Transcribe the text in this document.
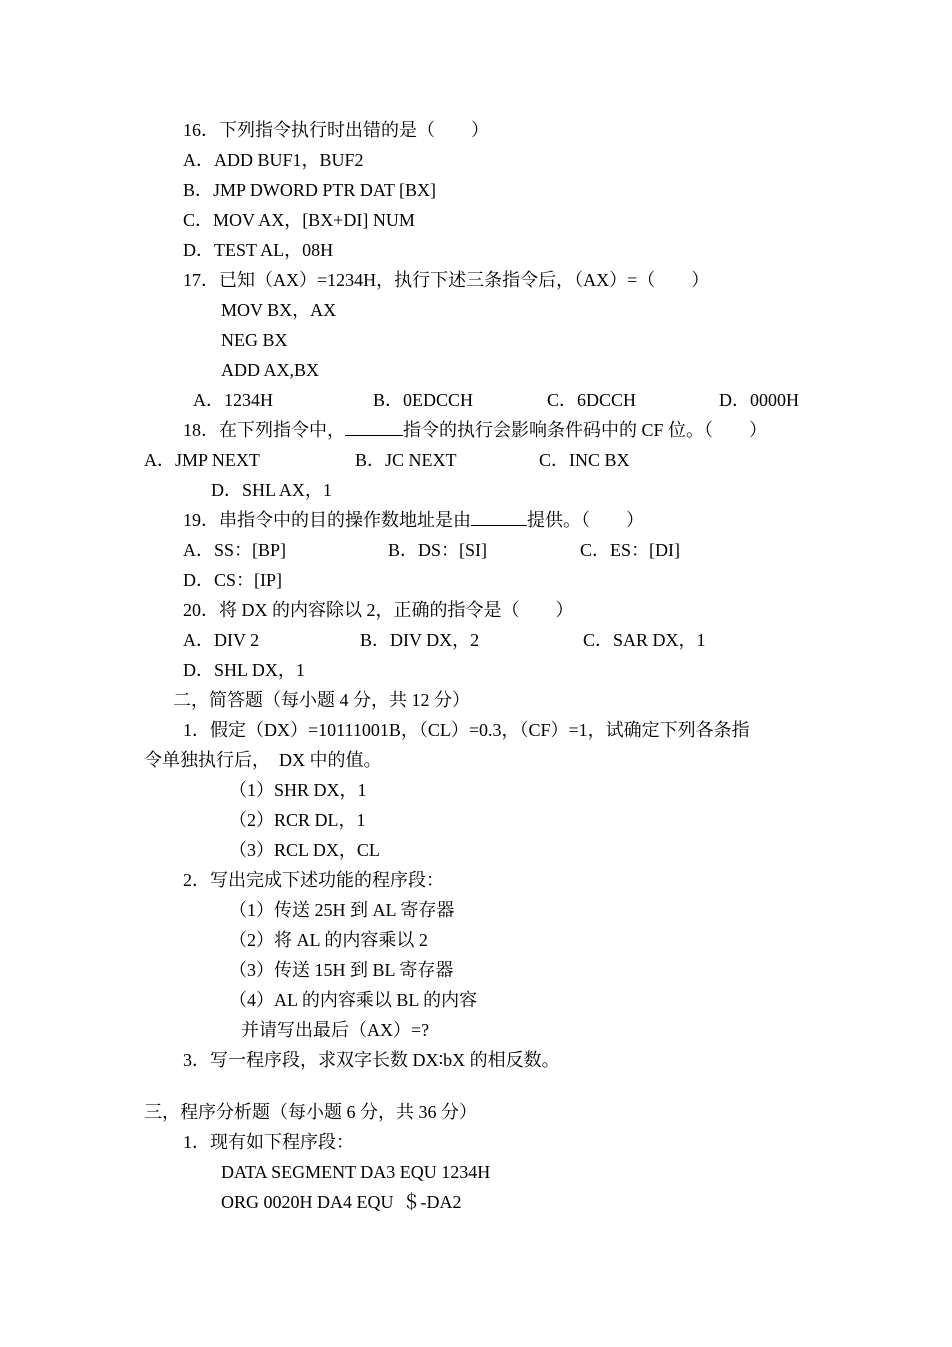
16．下列指令执行时出错的是（　　）
A．ADD BUF1，BUF2
B．JMP DWORD PTR DAT [BX]
C．MOV AX，[BX+DI] NUM
D．TEST AL，08H
17．已知（AX）=1234H，执行下述三条指令后，（AX）=（　　）
MOV BX，AX
NEG BX
ADD AX,BX
A．1234H	B．0EDCCH	C．6DCCH	D．0000H
18．在下列指令中，	指令的执行会影响条件码中的 CF 位。（　　）
A．JMP NEXT	B．JC NEXT	C．INC BX
D．SHL AX，1
19．串指令中的目的操作数地址是由	提供。（　　）
A．SS：[BP]	B．DS：[SI]	C．ES：[DI]
D．CS：[IP]
20．将 DX 的内容除以 2，正确的指令是（　　）
A．DIV 2	B．DIV DX，2	C．SAR DX，1
D．SHL DX，1
二，简答题（每小题 4 分，共 12 分）
1．假定（DX）=10111001B，（CL）=0.3，（CF）=1，试确定下列各条指
令单独执行后，  DX 中的值。
（1）SHR DX，1
（2）RCR DL，1
（3）RCL DX，CL
2．写出完成下述功能的程序段：
（1）传送 25H 到 AL 寄存器
（2）将 AL 的内容乘以 2
（3）传送 15H 到 BL 寄存器
（4）AL 的内容乘以 BL 的内容
并请写出最后（AX）=?
3．写一程序段，求双字长数 DX∶bX 的相反数。
三，程序分析题（每小题 6 分，共 36 分）
1．现有如下程序段：
DATA SEGMENT DA3 EQU 1234H
ORG 0020H DA4 EQU  ＄-DA2
